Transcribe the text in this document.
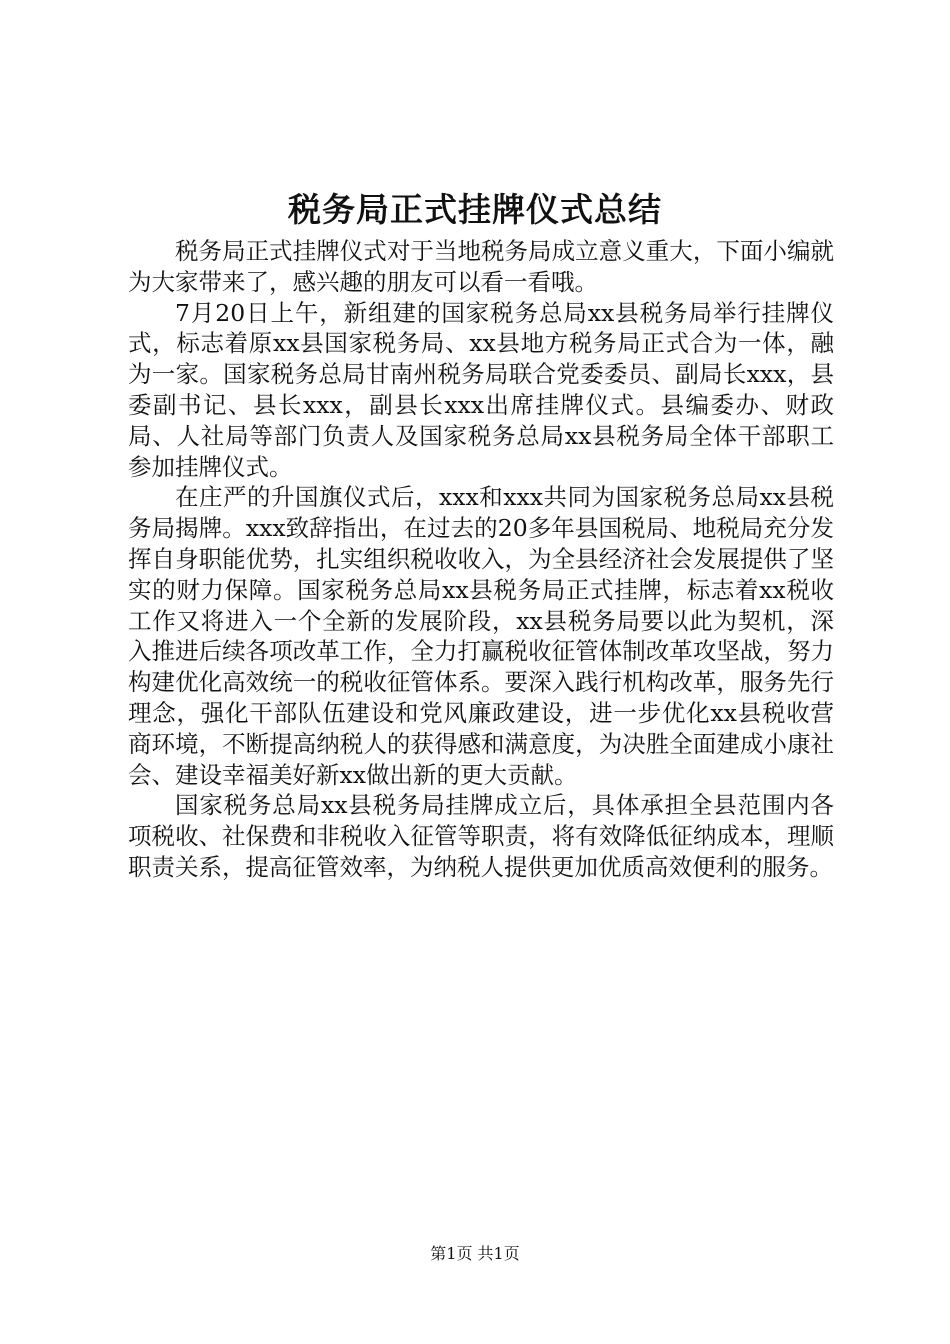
税务局正式挂牌仪式总结

税务局正式挂牌仪式对于当地税务局成立意义重大，下面小编就为大家带来了，感兴趣的朋友可以看一看哦。

7月20日上午，新组建的国家税务总局xx县税务局举行挂牌仪式，标志着原xx县国家税务局、xx县地方税务局正式合为一体，融为一家。国家税务总局甘南州税务局联合党委委员、副局长xxx，县委副书记、县长xxx，副县长xxx出席挂牌仪式。县编委办、财政局、人社局等部门负责人及国家税务总局xx县税务局全体干部职工参加挂牌仪式。

在庄严的升国旗仪式后，xxx和xxx共同为国家税务总局xx县税务局揭牌。xxx致辞指出，在过去的20多年县国税局、地税局充分发挥自身职能优势，扎实组织税收收入，为全县经济社会发展提供了坚实的财力保障。国家税务总局xx县税务局正式挂牌，标志着xx税收工作又将进入一个全新的发展阶段，xx县税务局要以此为契机，深入推进后续各项改革工作，全力打赢税收征管体制改革攻坚战，努力构建优化高效统一的税收征管体系。要深入践行机构改革，服务先行理念，强化干部队伍建设和党风廉政建设，进一步优化xx县税收营商环境，不断提高纳税人的获得感和满意度，为决胜全面建成小康社会、建设幸福美好新xx做出新的更大贡献。

国家税务总局xx县税务局挂牌成立后，具体承担全县范围内各项税收、社保费和非税收入征管等职责，将有效降低征纳成本，理顺职责关系，提高征管效率，为纳税人提供更加优质高效便利的服务。

第1页 共1页
